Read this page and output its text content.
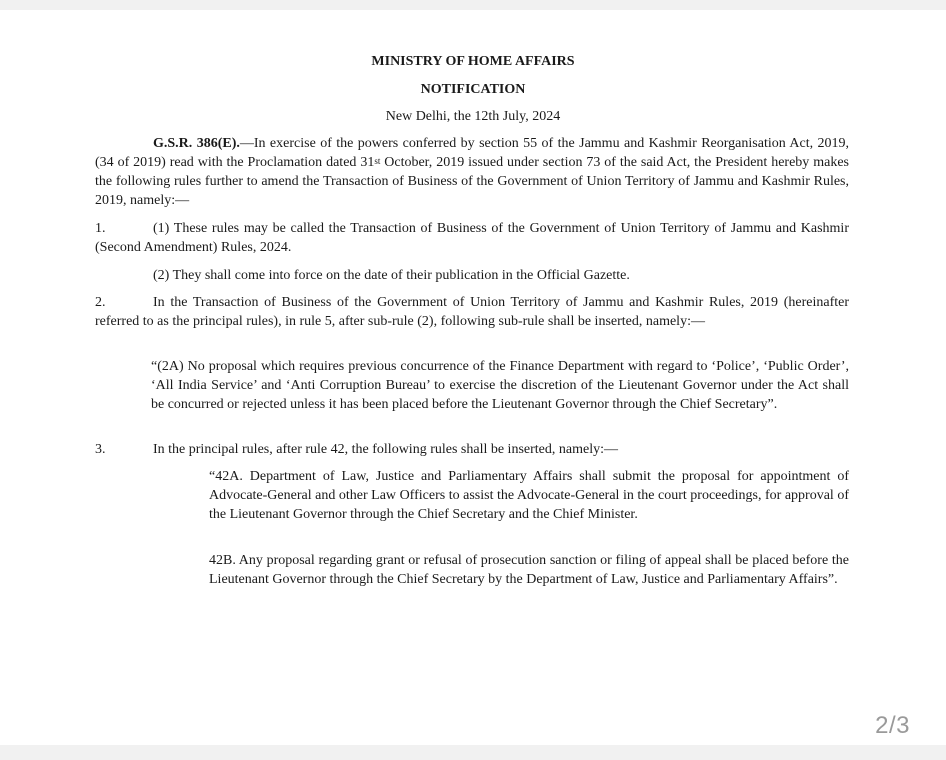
MINISTRY OF HOME AFFAIRS
NOTIFICATION
New Delhi, the 12th July, 2024
G.S.R. 386(E).—In exercise of the powers conferred by section 55 of the Jammu and Kashmir Reorganisation Act, 2019, (34 of 2019) read with the Proclamation dated 31st October, 2019 issued under section 73 of the said Act, the President hereby makes the following rules further to amend the Transaction of Business of the Government of Union Territory of Jammu and Kashmir Rules, 2019, namely:—
1.	(1) These rules may be called the Transaction of Business of the Government of Union Territory of Jammu and Kashmir (Second Amendment) Rules, 2024.
(2) They shall come into force on the date of their publication in the Official Gazette.
2.	In the Transaction of Business of the Government of Union Territory of Jammu and Kashmir Rules, 2019 (hereinafter referred to as the principal rules), in rule 5, after sub-rule (2), following sub-rule shall be inserted, namely:—
“(2A) No proposal which requires previous concurrence of the Finance Department with regard to ‘Police’, ‘Public Order’, ‘All India Service’ and ‘Anti Corruption Bureau’ to exercise the discretion of the Lieutenant Governor under the Act shall be concurred or rejected unless it has been placed before the Lieutenant Governor through the Chief Secretary”.
3.	In the principal rules, after rule 42, the following rules shall be inserted, namely:—
“42A. Department of Law, Justice and Parliamentary Affairs shall submit the proposal for appointment of Advocate-General and other Law Officers to assist the Advocate-General in the court proceedings, for approval of the Lieutenant Governor through the Chief Secretary and the Chief Minister.
42B. Any proposal regarding grant or refusal of prosecution sanction or filing of appeal shall be placed before the Lieutenant Governor through the Chief Secretary by the Department of Law, Justice and Parliamentary Affairs”.
2/3
